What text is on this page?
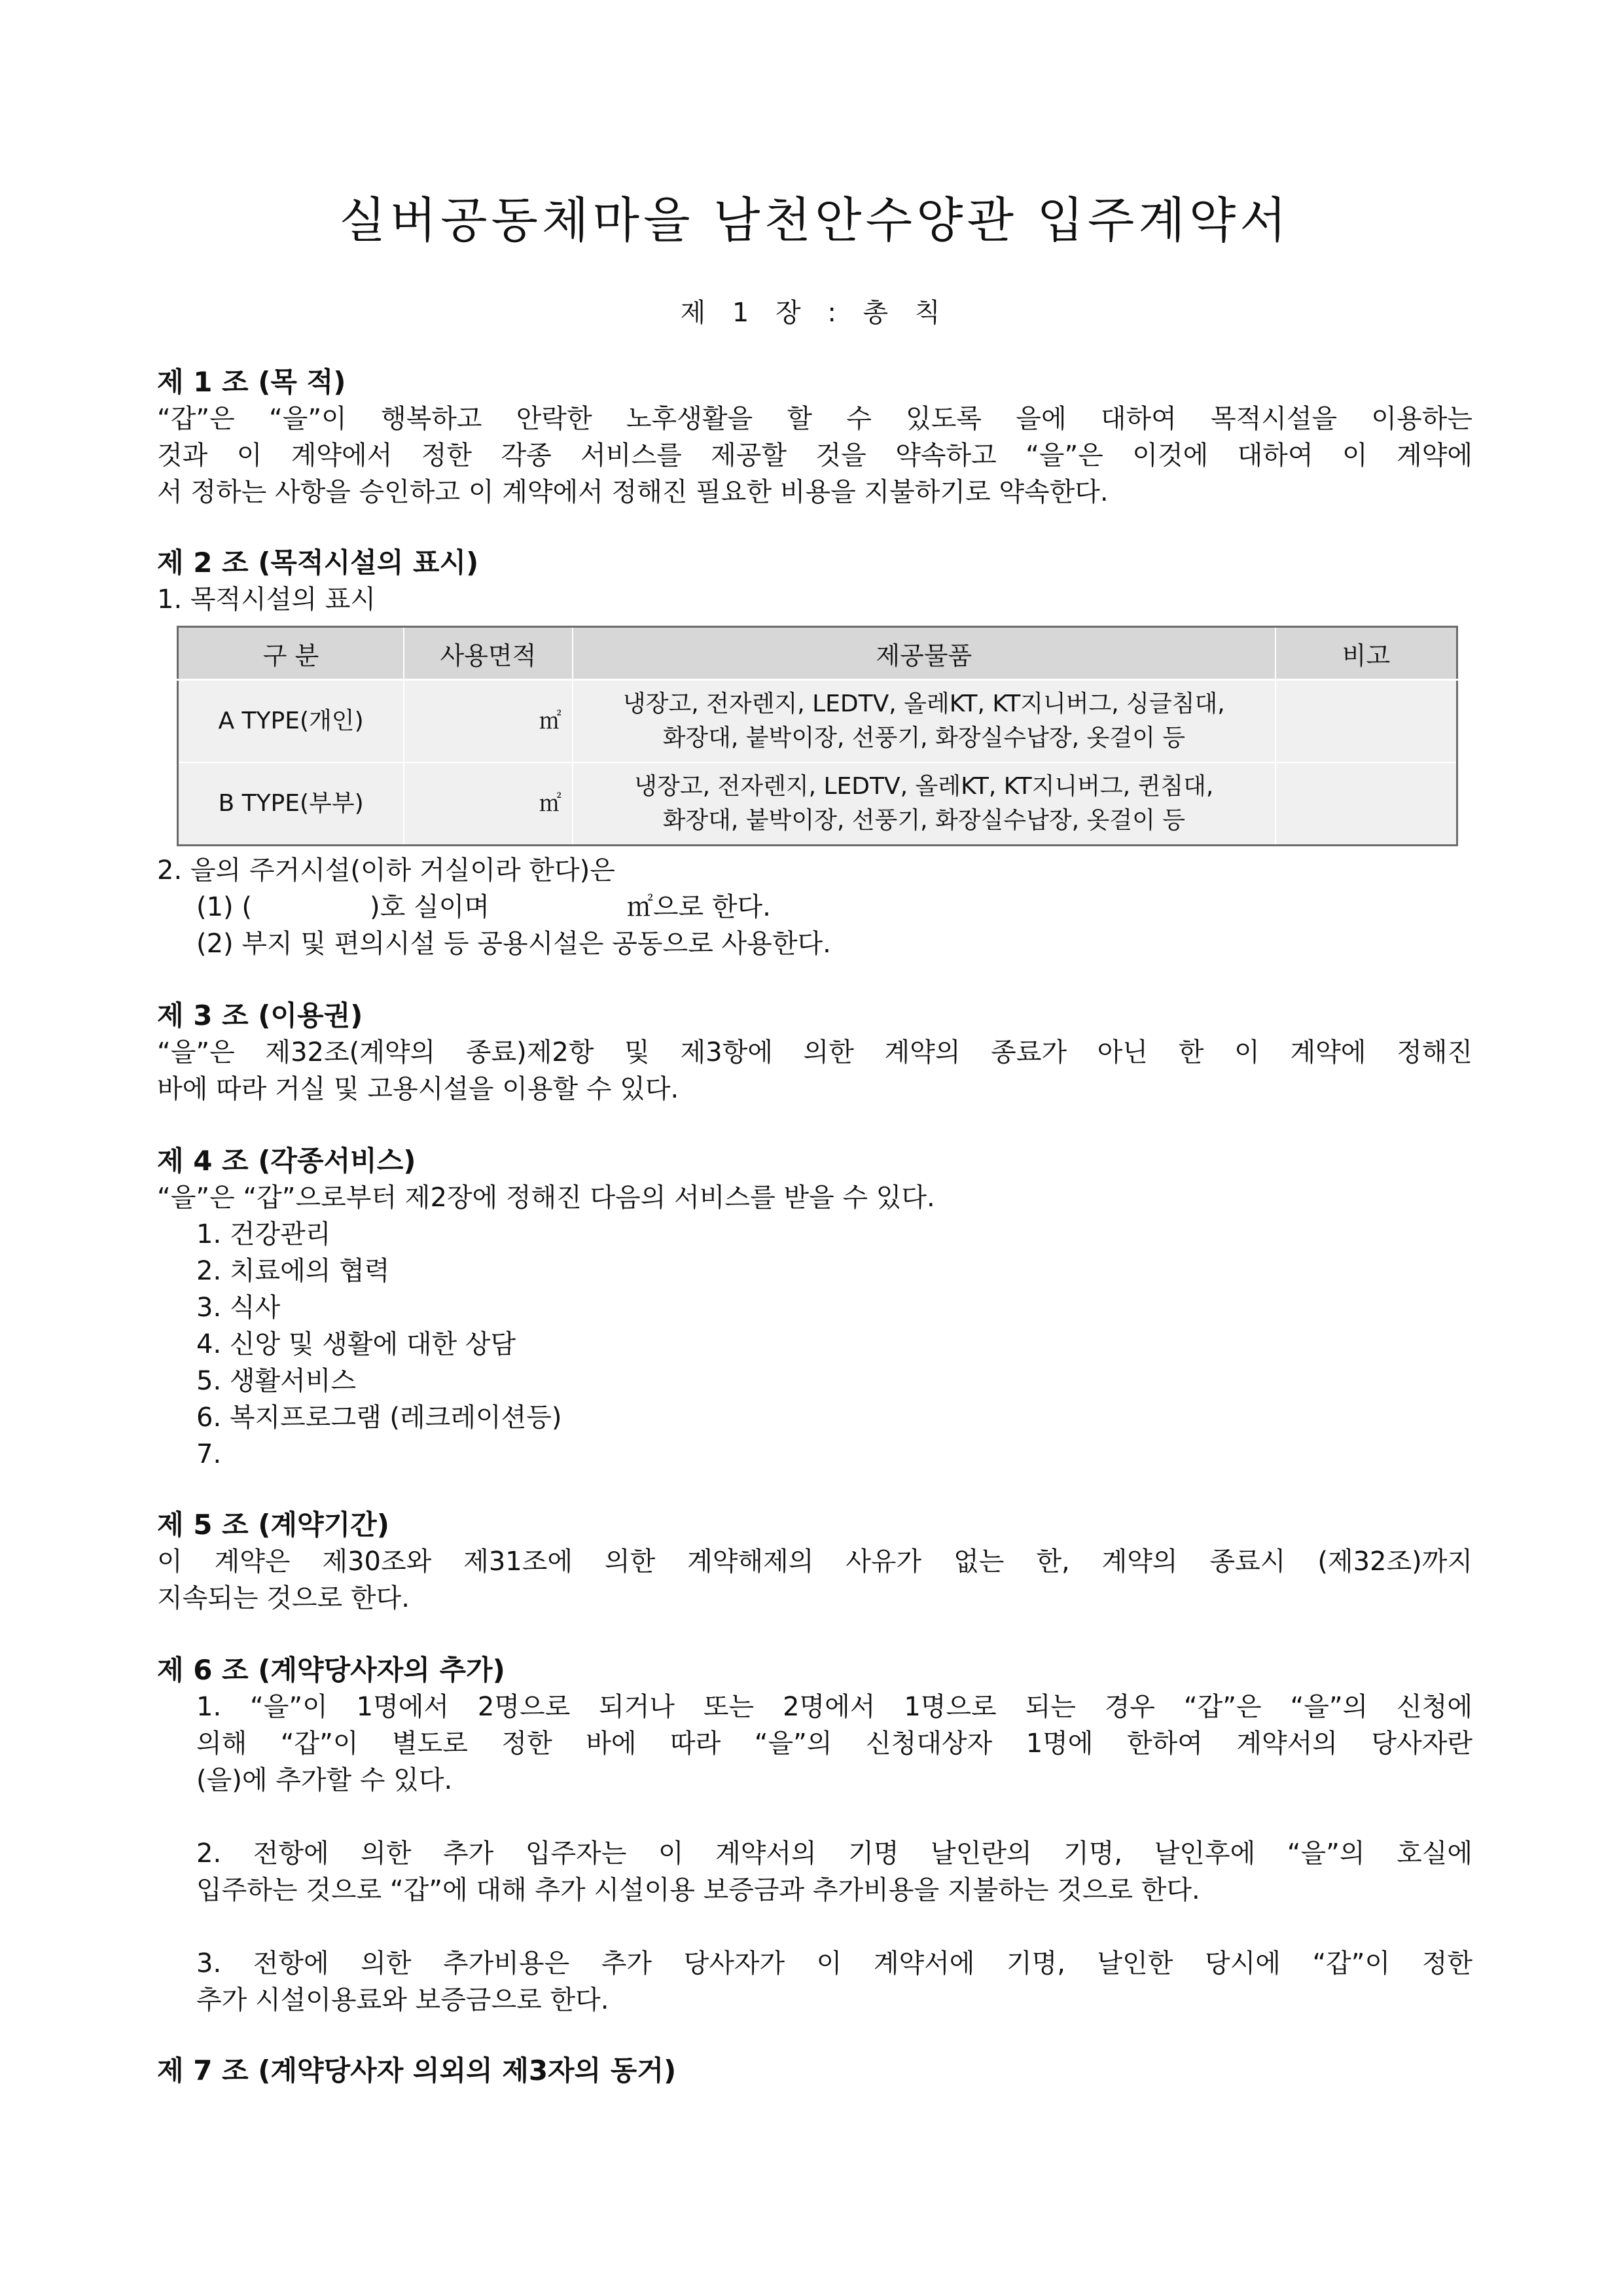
실버공동체마을 남천안수양관 입주계약서
제 1 장 : 총 칙
제 1 조 (목 적)
“갑”은 “을”이 행복하고 안락한 노후생활을 할 수 있도록 을에 대하여 목적시설을 이용하는
것과 이 계약에서 정한 각종 서비스를 제공할 것을 약속하고 “을”은 이것에 대하여 이 계약에
서 정하는 사항을 승인하고 이 계약에서 정해진 필요한 비용을 지불하기로 약속한다.
제 2 조 (목적시설의 표시)
1. 목적시설의 표시
구 분	사용면적	제공물품	비고
A TYPE(개인)	㎡	냉장고, 전자렌지, LEDTV, 올레KT, KT지니버그, 싱글침대,
화장대, 붙박이장, 선풍기, 화장실수납장, 옷걸이 등	

B TYPE(부부)	㎡	냉장고, 전자렌지, LEDTV, 올레KT, KT지니버그, 퀸침대,
화장대, 붙박이장, 선풍기, 화장실수납장, 옷걸이 등	

2. 을의 주거시설(이하 거실이라 한다)은
(1) (	)호 실이며	㎡으로 한다.
(2) 부지 및 편의시설 등 공용시설은 공동으로 사용한다.
제 3 조 (이용권)
“을”은 제32조(계약의 종료)제2항 및 제3항에 의한 계약의 종료가 아닌 한 이 계약에 정해진
바에 따라 거실 및 고용시설을 이용할 수 있다.
제 4 조 (각종서비스)
“을”은 “갑”으로부터 제2장에 정해진 다음의 서비스를 받을 수 있다.
1. 건강관리
2. 치료에의 협력
3. 식사
4. 신앙 및 생활에 대한 상담
5. 생활서비스
6. 복지프로그램 (레크레이션등)
7.
제 5 조 (계약기간)
이 계약은 제30조와 제31조에 의한 계약해제의 사유가 없는 한, 계약의 종료시 (제32조)까지
지속되는 것으로 한다.
제 6 조 (계약당사자의 추가)
1. “을”이 1명에서 2명으로 되거나 또는 2명에서 1명으로 되는 경우 “갑”은 “을”의 신청에
의해 “갑”이 별도로 정한 바에 따라 “을”의 신청대상자 1명에 한하여 계약서의 당사자란
(을)에 추가할 수 있다.
2. 전항에 의한 추가 입주자는 이 계약서의 기명 날인란의 기명, 날인후에 “을”의 호실에
입주하는 것으로 “갑”에 대해 추가 시설이용 보증금과 추가비용을 지불하는 것으로 한다.
3. 전항에 의한 추가비용은 추가 당사자가 이 계약서에 기명, 날인한 당시에 “갑”이 정한
추가 시설이용료와 보증금으로 한다.
제 7 조 (계약당사자 의외의 제3자의 동거)
